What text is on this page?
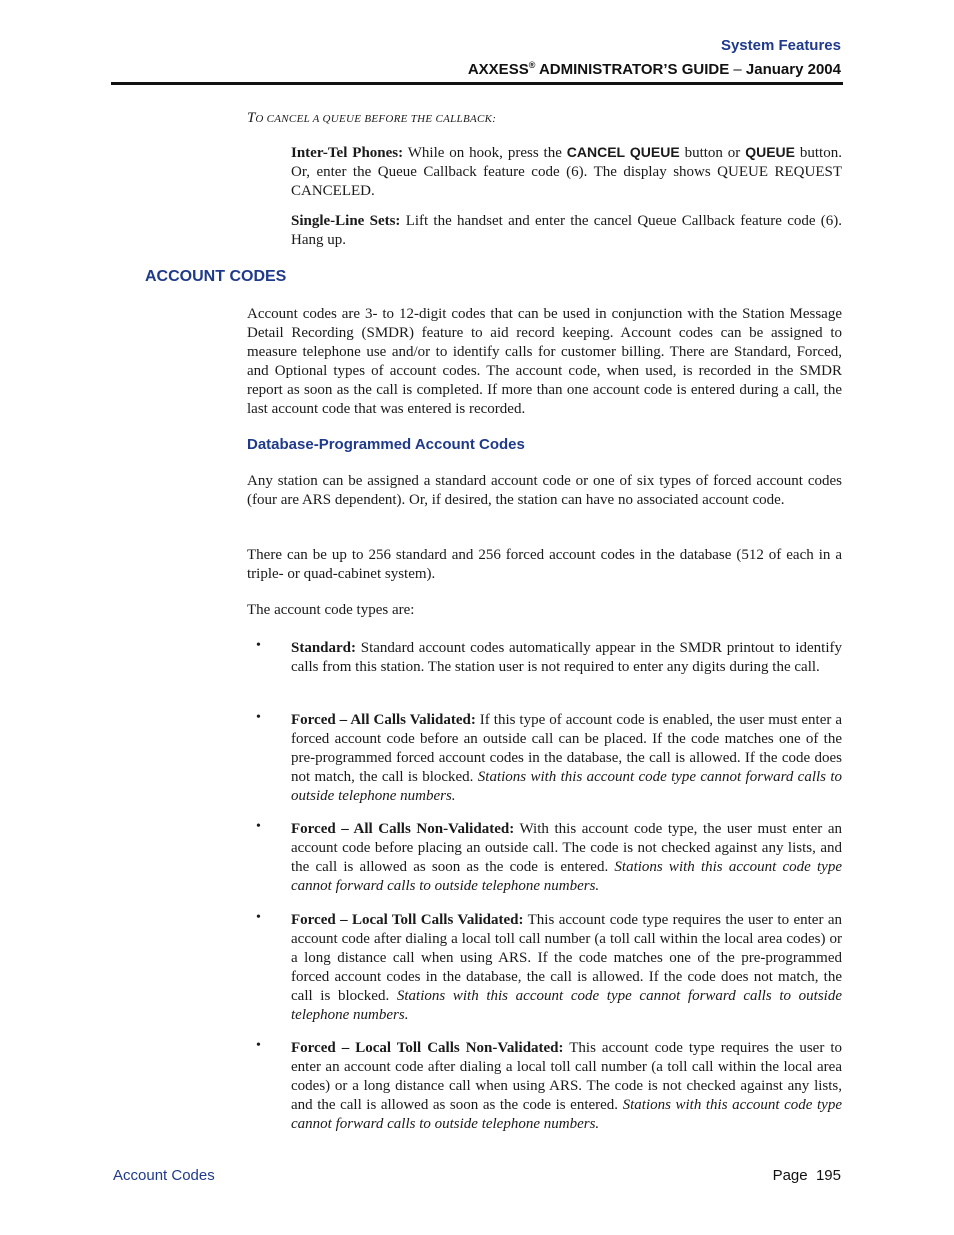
System Features
AXXESS® ADMINISTRATOR’S GUIDE – January 2004
TO CANCEL A QUEUE BEFORE THE CALLBACK:

Inter-Tel Phones: While on hook, press the CANCEL QUEUE button or QUEUE button. Or, enter the Queue Callback feature code (6). The display shows QUEUE REQUEST CANCELED.

Single-Line Sets: Lift the handset and enter the cancel Queue Callback feature code (6). Hang up.

ACCOUNT CODES

Account codes are 3- to 12-digit codes that can be used in conjunction with the Station Message Detail Recording (SMDR) feature to aid record keeping. Account codes can be assigned to measure telephone use and/or to identify calls for customer billing. There are Standard, Forced, and Optional types of account codes. The account code, when used, is recorded in the SMDR report as soon as the call is completed. If more than one account code is entered during a call, the last account code that was entered is recorded.

Database-Programmed Account Codes

Any station can be assigned a standard account code or one of six types of forced account codes (four are ARS dependent). Or, if desired, the station can have no associated account code.

There can be up to 256 standard and 256 forced account codes in the database (512 of each in a triple- or quad-cabinet system).

The account code types are:

• Standard: Standard account codes automatically appear in the SMDR printout to identify calls from this station. The station user is not required to enter any digits during the call.

• Forced – All Calls Validated: If this type of account code is enabled, the user must enter a forced account code before an outside call can be placed. If the code matches one of the pre-programmed forced account codes in the database, the call is allowed. If the code does not match, the call is blocked. Stations with this account code type cannot forward calls to outside telephone numbers.

• Forced – All Calls Non-Validated: With this account code type, the user must enter an account code before placing an outside call. The code is not checked against any lists, and the call is allowed as soon as the code is entered. Stations with this account code type cannot forward calls to outside telephone numbers.

• Forced – Local Toll Calls Validated: This account code type requires the user to enter an account code after dialing a local toll call number (a toll call within the local area codes) or a long distance call when using ARS. If the code matches one of the pre-programmed forced account codes in the database, the call is allowed. If the code does not match, the call is blocked. Stations with this account code type cannot forward calls to outside telephone numbers.

• Forced – Local Toll Calls Non-Validated: This account code type requires the user to enter an account code after dialing a local toll call number (a toll call within the local area codes) or a long distance call when using ARS. The code is not checked against any lists, and the call is allowed as soon as the code is entered. Stations with this account code type cannot forward calls to outside telephone numbers.

Account Codes	Page 195
